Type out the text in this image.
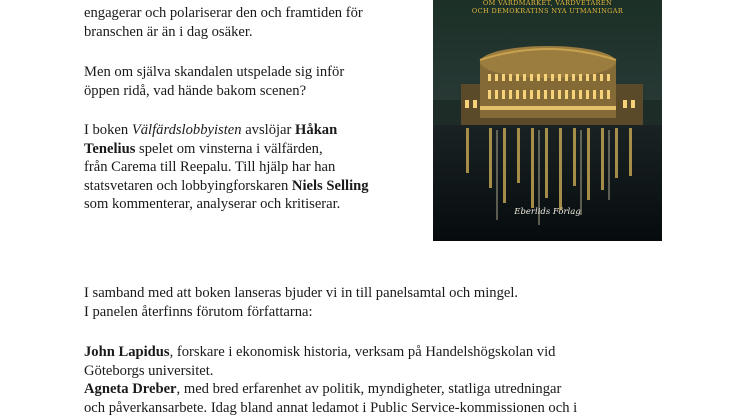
engagerar och polariserar den och framtiden för
branschen är än i dag osäker.

Men om själva skandalen utspelade sig inför
öppen ridå, vad hände bakom scenen?

I boken Välfärdslobbyisten avslöjar Håkan
Tenelius spelet om vinsterna i välfärden,
från Carema till Reepalu. Till hjälp har han
statsvetaren och lobbyingforskaren Niels Selling
som kommenterar, analyserar och kritiserar.

OM VÄRDMÄRKET, VÄRDVETAREN
OCH DEMOKRATINS NYA UTMANINGAR
Eberlids Förlag

I samband med att boken lanseras bjuder vi in till panelsamtal och mingel.
I panelen återfinns förutom författarna:

John Lapidus, forskare i ekonomisk historia, verksam på Handelshögskolan vid
Göteborgs universitet.
Agneta Dreber, med bred erfarenhet av politik, myndigheter, statliga utredningar
och påverkansarbete. Idag bland annat ledamot i Public Service-kommissionen och i
